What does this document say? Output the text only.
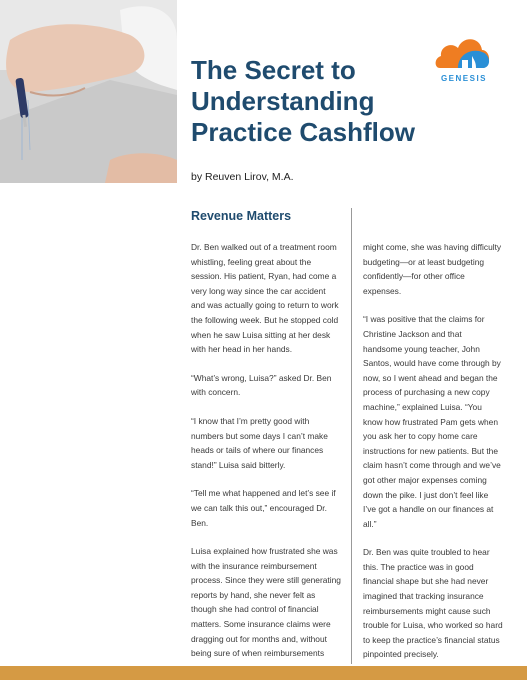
The Secret to
Understanding
Practice Cashflow
GENESIS
by Reuven Lirov, M.A.
Revenue Matters

Dr. Ben walked out of a treatment room whistling, feeling great about the session. His patient, Ryan, had come a very long way since the car accident and was actually going to return to work the following week. But he stopped cold when he saw Luisa sitting at her desk with her head in her hands.

“What’s wrong, Luisa?” asked Dr. Ben with concern.

“I know that I’m pretty good with numbers but some days I can’t make heads or tails of where our finances stand!” Luisa said bitterly.

“Tell me what happened and let’s see if we can talk this out,” encouraged Dr. Ben.

Luisa explained how frustrated she was with the insurance reimbursement process. Since they were still generating reports by hand, she never felt as though she had control of financial matters. Some insurance claims were dragging out for months and, without being sure of when reimbursements

might come, she was having difficulty budgeting—or at least budgeting confidently—for other office expenses.

“I was positive that the claims for Christine Jackson and that handsome young teacher, John Santos, would have come through by now, so I went ahead and began the process of purchasing a new copy machine,” explained Luisa. “You know how frustrated Pam gets when you ask her to copy home care instructions for new patients. But the claim hasn’t come through and we’ve got other major expenses coming down the pike. I just don’t feel like I’ve got a handle on our finances at all.”

Dr. Ben was quite troubled to hear this. The practice was in good financial shape but she had never imagined that tracking insurance reimbursements might cause such trouble for Luisa, who worked so hard to keep the practice’s financial status pinpointed precisely.
